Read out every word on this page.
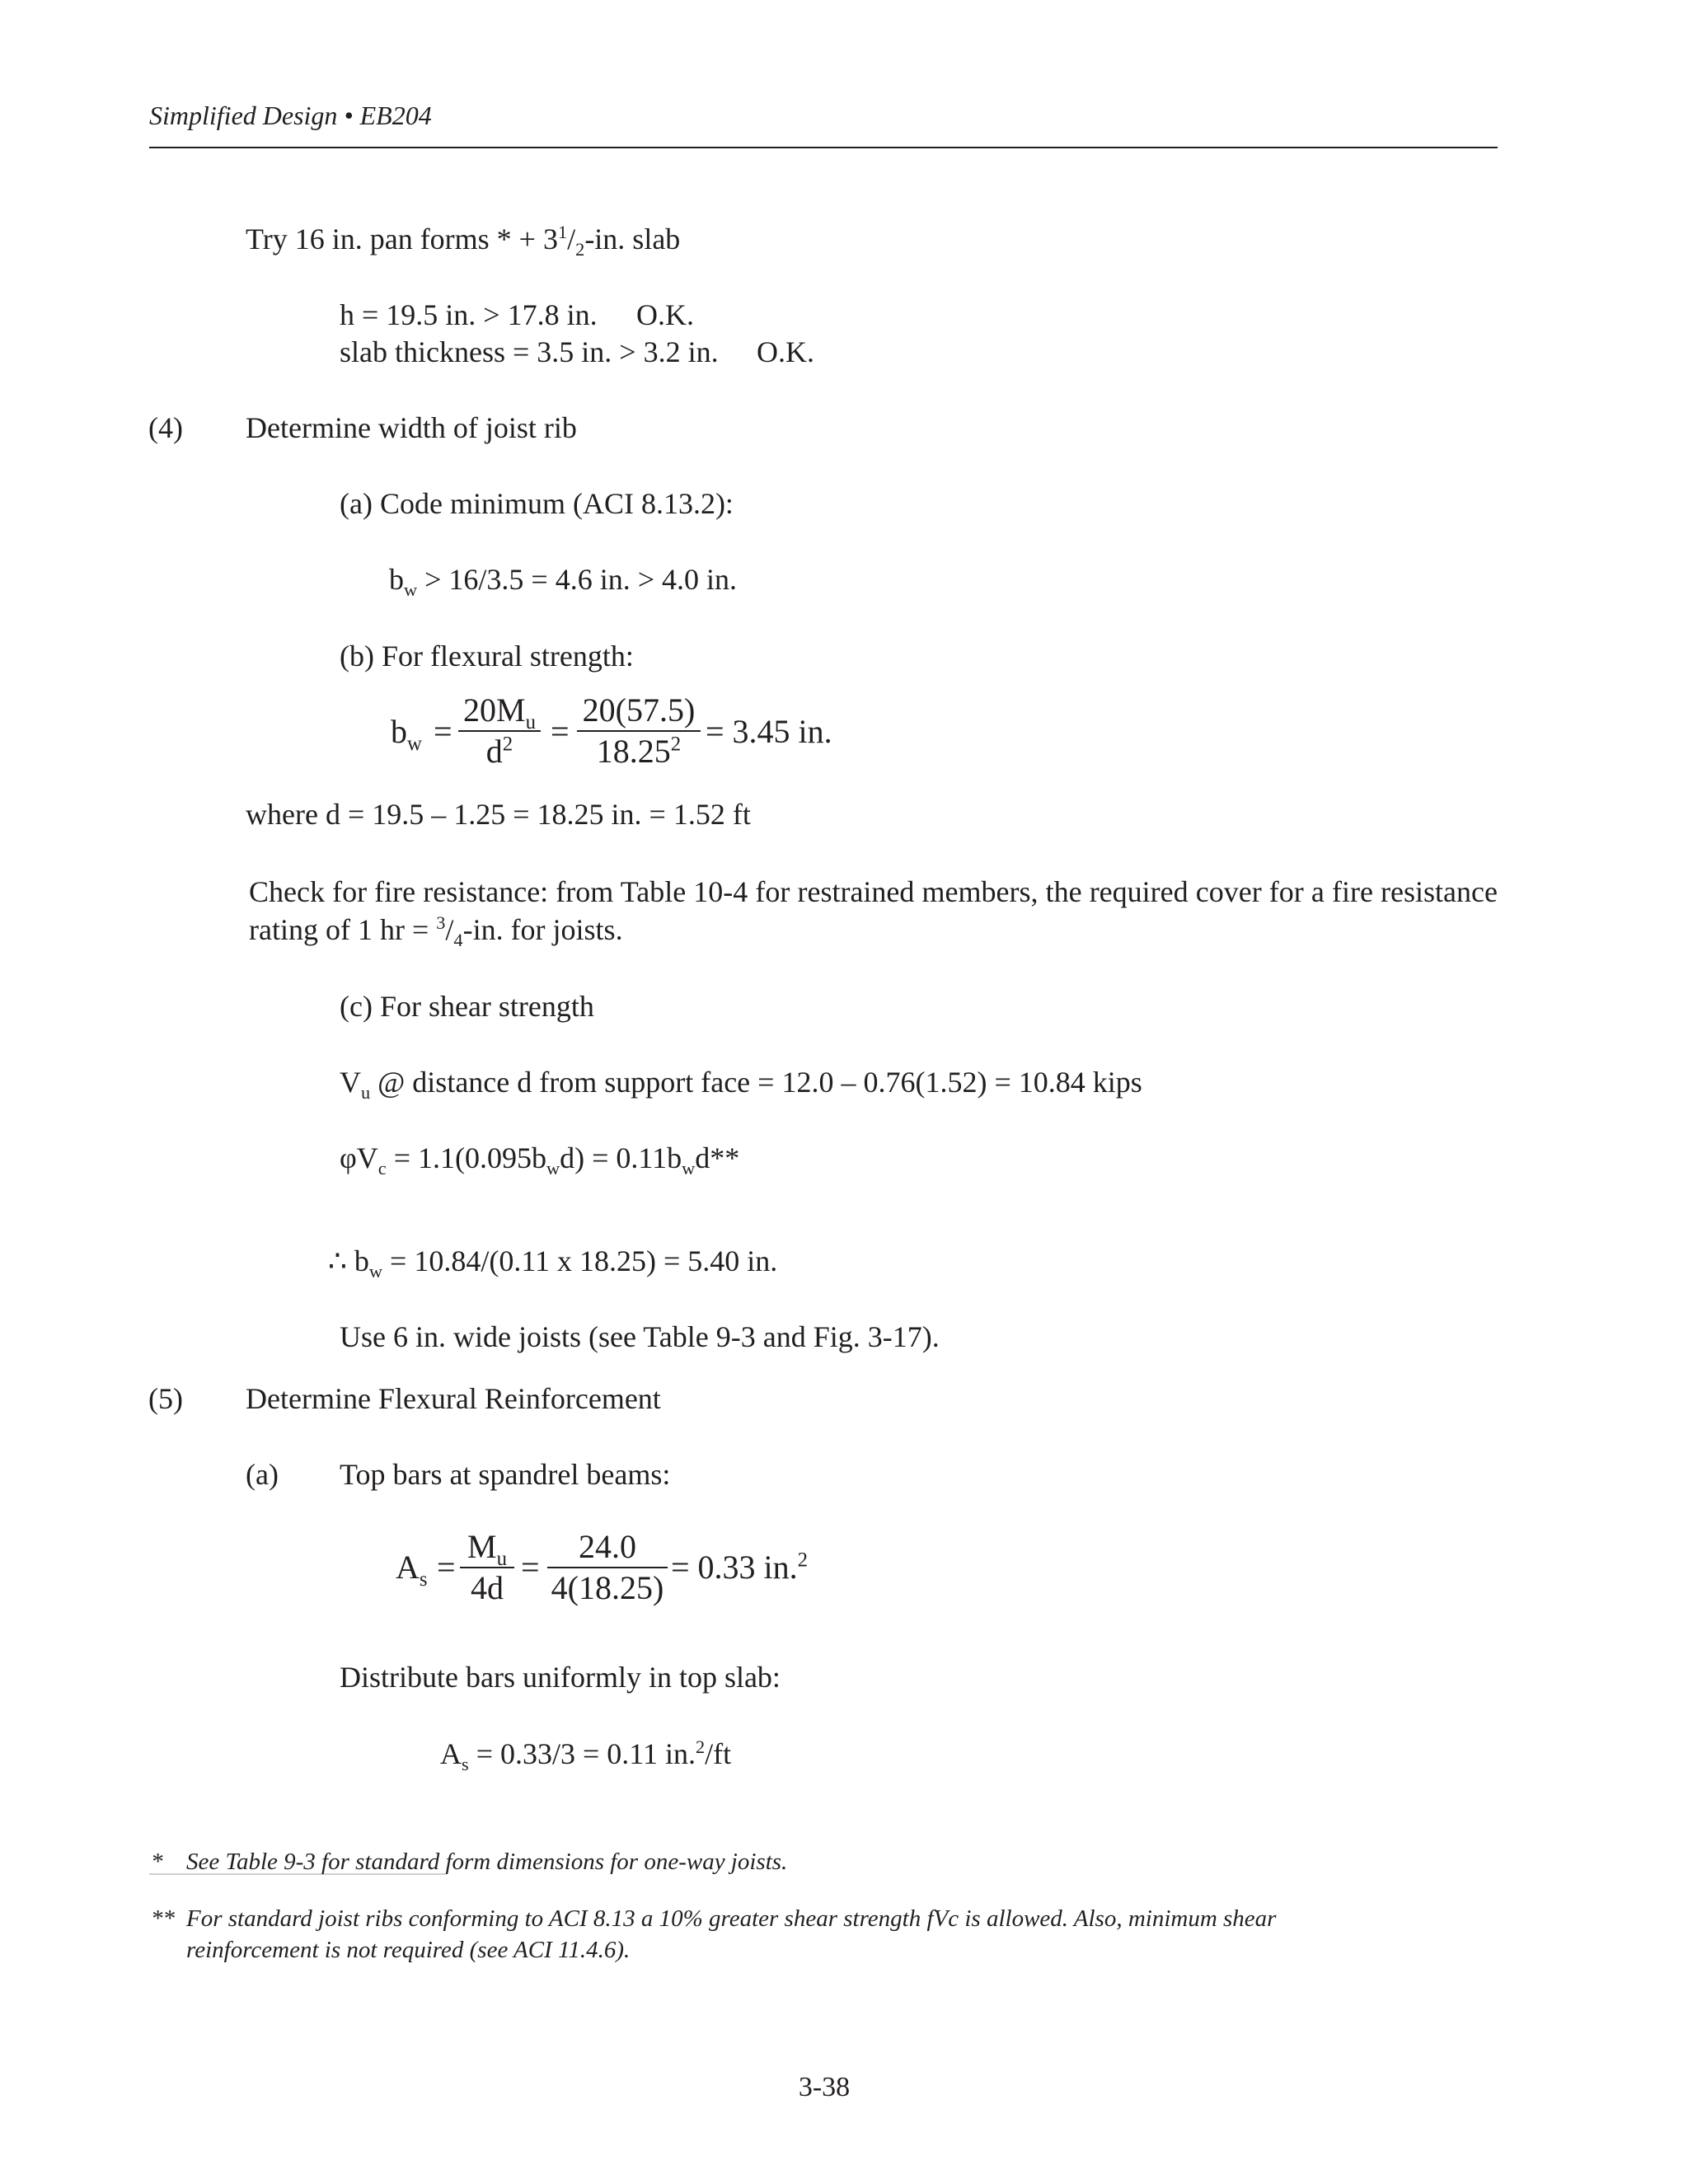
Simplified Design • EB204
Try 16 in. pan forms * + $3^1/_2-in$. slab
h = 19.5 in. > 17.8 in. O.K.
slab thickness = 3.5 in. > 3.2 in. O.K.
(4) Determine width of joist rib
(a) Code minimum (ACI 8.13.2):
$b_w > 16/3.5 = 4.6$ in. > 4.0 in.
(b) For flexural strength:
$b_w$ =
$20M_u$
$d^2$	=
20(57.5)
$18.25^2 = 3.45$ in.
where d = 19.5 – 1.25 = 18.25 in. = 1.52 ft
Check for fire resistance: from Table 10-4 for restrained members, the required cover for a fire resistance rating of 1 hr = $^3/_4-in$. for joists.
(c) For shear strength
$V_u$ @ distance d from support face = 12.0 – 0.76(1.52) = 10.84 kips
$\varphi V_c = 1.1(0.095b_wd) = 0.11b_wd**$
∴ $b_w = 10.84/(0.11$ x 18.25) = 5.40 in.
Use 6 in. wide joists (see Table 9-3 and Fig. 3-17).
(5) Determine Flexural Reinforcement
(a) Top bars at spandrel beams:
$A_s$ =
$M_u$
4d
=
24.0
4(18.25)
= 0.33 in.$^2$
Distribute bars uniformly in top slab:
$A_s = 0.33/3 = 0.11$ in.$^2$/ft
* See Table 9-3 for standard form dimensions for one-way joists.
** For standard joist ribs conforming to ACI 8.13 a 10% greater shear strength fVc is allowed. Also, minimum shear
reinforcement is not required (see ACI 11.4.6).
3-38
